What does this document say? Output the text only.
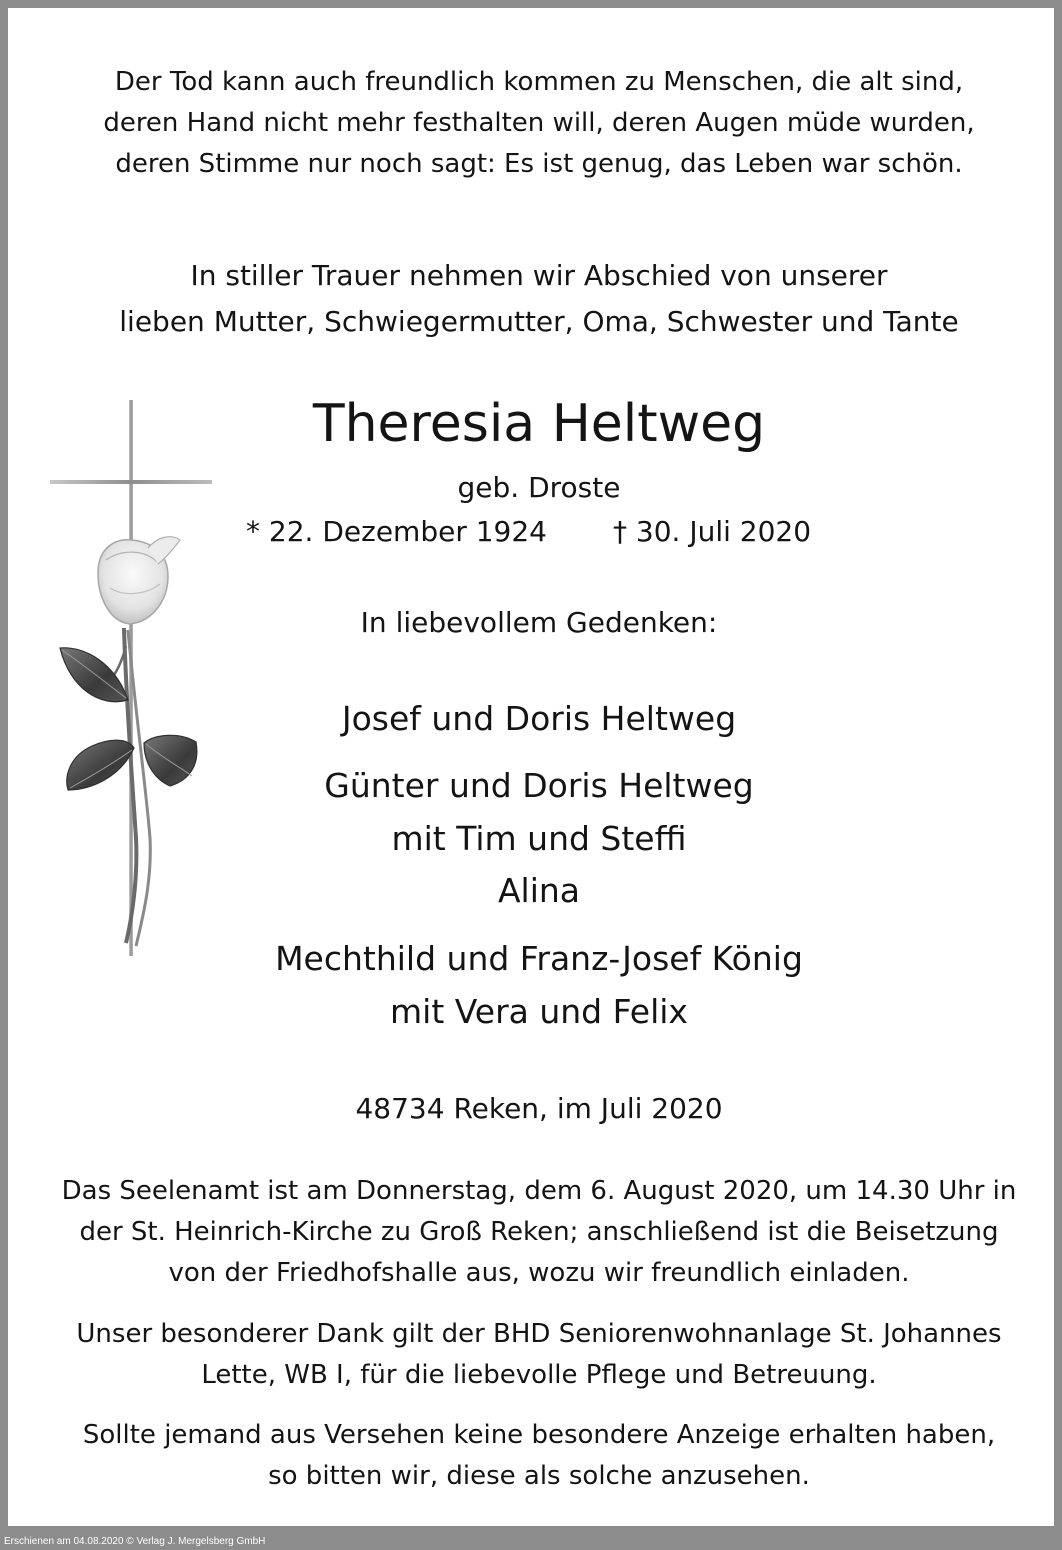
Der Tod kann auch freundlich kommen zu Menschen, die alt sind,
deren Hand nicht mehr festhalten will, deren Augen müde wurden,
deren Stimme nur noch sagt: Es ist genug, das Leben war schön.
In stiller Trauer nehmen wir Abschied von unserer
lieben Mutter, Schwiegermutter, Oma, Schwester und Tante
Theresia Heltweg
geb. Droste
* 22. Dezember 1924 † 30. Juli 2020
In liebevollem Gedenken:
Josef und Doris Heltweg
Günter und Doris Heltweg
mit Tim und Steffi
Alina
Mechthild und Franz-Josef König
mit Vera und Felix
48734 Reken, im Juli 2020
Das Seelenamt ist am Donnerstag, dem 6. August 2020, um 14.30 Uhr in
der St. Heinrich-Kirche zu Groß Reken; anschließend ist die Beisetzung
von der Friedhofshalle aus, wozu wir freundlich einladen.
Unser besonderer Dank gilt der BHD Seniorenwohnanlage St. Johannes
Lette, WB I, für die liebevolle Pflege und Betreuung.
Sollte jemand aus Versehen keine besondere Anzeige erhalten haben,
so bitten wir, diese als solche anzusehen.
Erschienen am 04.08.2020 © Verlag J. Mergelsberg GmbH
